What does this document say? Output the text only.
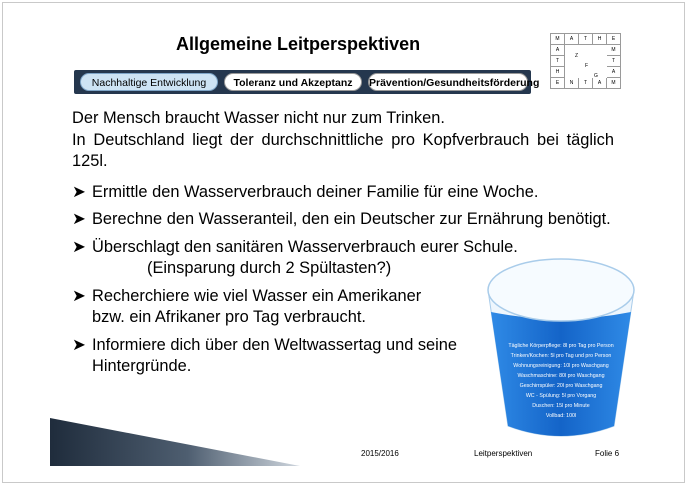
Allgemeine Leitperspektiven
Nachhaltige Entwicklung	Toleranz und Akzeptanz	Prävention/Gesundheitsförderung
M	A	T	H	E
A				M
T				T
H				A
E	N	T	A	M
Z
F
G
Der Mensch braucht Wasser nicht nur zum Trinken.
In Deutschland liegt der durchschnittliche pro Kopfverbrauch bei täglich 125l.
➤ Ermittle den Wasserverbrauch deiner Familie für eine Woche.
➤ Berechne den Wasseranteil, den ein Deutscher zur Ernährung benötigt.
➤ Überschlagt den sanitären Wasserverbrauch eurer Schule.
(Einsparung durch 2 Spültasten?)
➤ Recherchiere wie viel Wasser ein Amerikaner
bzw. ein Afrikaner pro Tag verbraucht.
➤ Informiere dich über den Weltwassertag und seine
Hintergründe.
Tägliche Körperpflege: 8l pro Tag pro Person
Trinken/Kochen: 5l pro Tag und pro Person
Wohnungsreinigung: 10l pro Waschgang
Waschmaschine: 80l pro Waschgang
Geschirrspüler: 20l pro Waschgang
WC - Spülung: 5l pro Vorgang
Duschen: 15l pro Minute
Vollbad: 100l
2015/2016	Leitperspektiven	Folie 6
